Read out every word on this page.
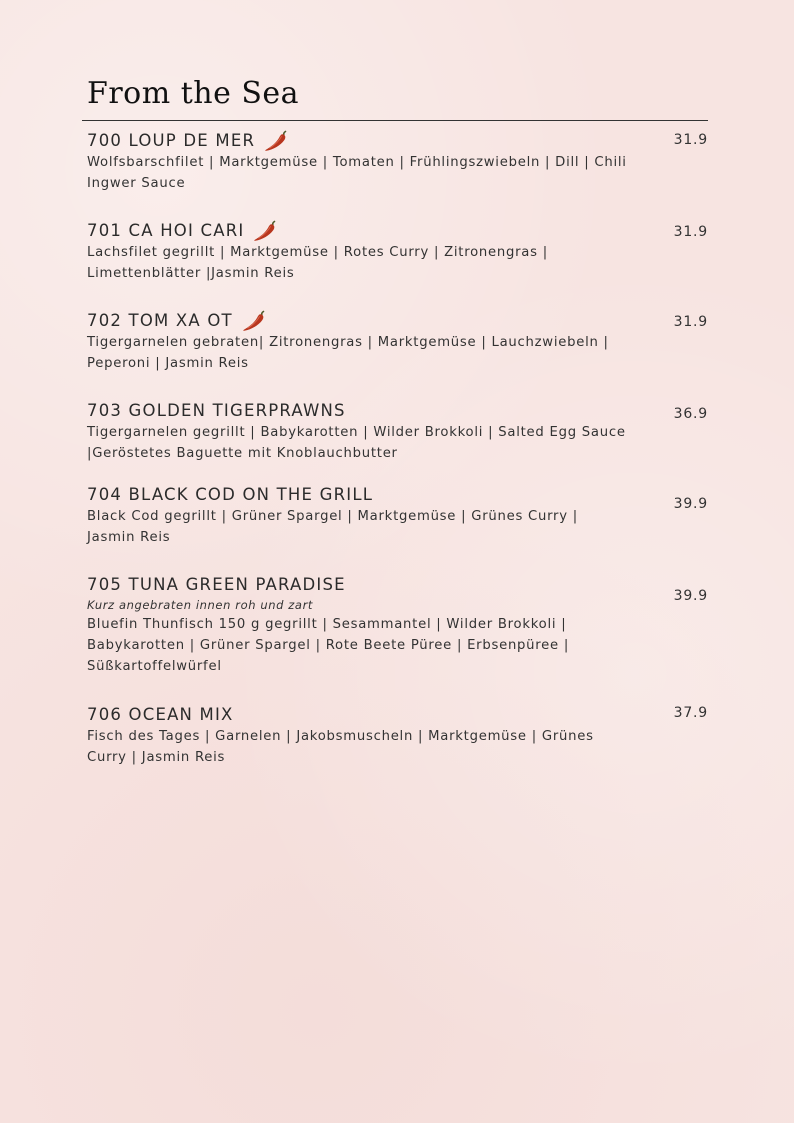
From the Sea
31.9
700 LOUP DE MER
Wolfsbarschfilet | Marktgemüse | Tomaten | Frühlingszwiebeln | Dill | Chili
Ingwer Sauce
31.9
701 CA HOI CARI
Lachsfilet gegrillt | Marktgemüse | Rotes Curry | Zitronengras |
Limettenblätter |Jasmin Reis
31.9
702 TOM XA OT
Tigergarnelen gebraten| Zitronengras | Marktgemüse | Lauchzwiebeln |
Peperoni | Jasmin Reis
36.9
703 GOLDEN TIGERPRAWNS
Tigergarnelen gegrillt | Babykarotten | Wilder Brokkoli | Salted Egg Sauce
|Geröstetes Baguette mit Knoblauchbutter
39.9
704 BLACK COD ON THE GRILL
Black Cod gegrillt | Grüner Spargel | Marktgemüse | Grünes Curry |
Jasmin Reis
39.9
705 TUNA GREEN PARADISE
Kurz angebraten innen roh und zart
Bluefin Thunfisch 150 g gegrillt | Sesammantel | Wilder Brokkoli |
Babykarotten | Grüner Spargel | Rote Beete Püree | Erbsenpüree |
Süßkartoffelwürfel
37.9
706 OCEAN MIX
Fisch des Tages | Garnelen | Jakobsmuscheln | Marktgemüse | Grünes
Curry | Jasmin Reis
